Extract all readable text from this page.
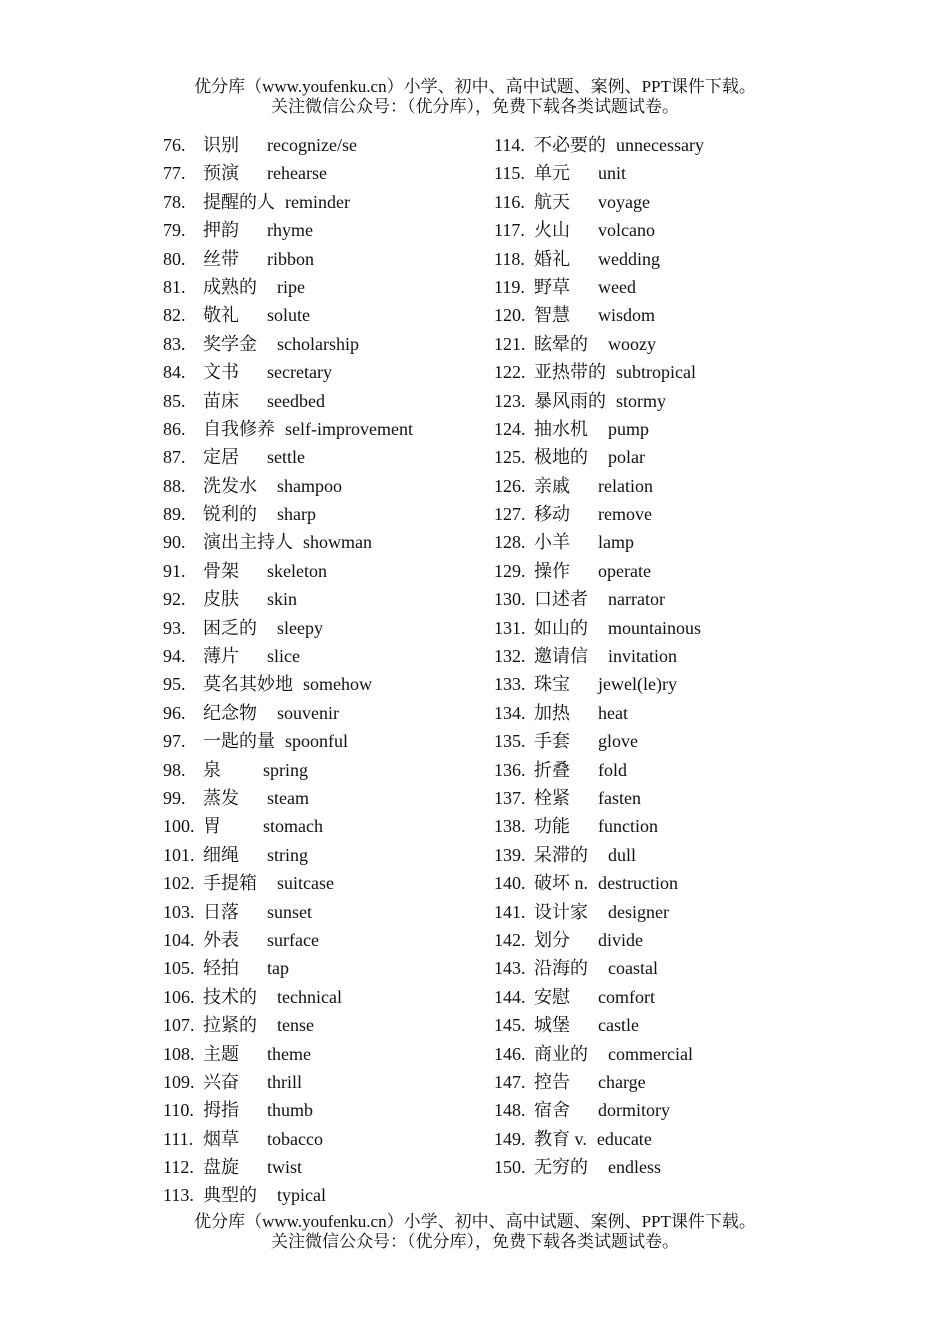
优分库（www.youfenku.cn）小学、初中、高中试题、案例、PPT课件下载。
关注微信公众号：（优分库），免费下载各类试题试卷。
76. 识别 recognize/se
77. 预演 rehearse
78. 提醒的人 reminder
79. 押韵 rhyme
80. 丝带 ribbon
81. 成熟的 ripe
82. 敬礼 solute
83. 奖学金 scholarship
84. 文书 secretary
85. 苗床 seedbed
86. 自我修养 self-improvement
87. 定居 settle
88. 洗发水 shampoo
89. 锐利的 sharp
90. 演出主持人 showman
91. 骨架 skeleton
92. 皮肤 skin
93. 困乏的 sleepy
94. 薄片 slice
95. 莫名其妙地 somehow
96. 纪念物 souvenir
97. 一匙的量 spoonful
98. 泉 spring
99. 蒸发 steam
100. 胃 stomach
101. 细绳 string
102. 手提箱 suitcase
103. 日落 sunset
104. 外表 surface
105. 轻拍 tap
106. 技术的 technical
107. 拉紧的 tense
108. 主题 theme
109. 兴奋 thrill
110. 拇指 thumb
111. 烟草 tobacco
112. 盘旋 twist
113. 典型的 typical
114. 不必要的 unnecessary
115. 单元 unit
116. 航天 voyage
117. 火山 volcano
118. 婚礼 wedding
119. 野草 weed
120. 智慧 wisdom
121. 眩晕的 woozy
122. 亚热带的 subtropical
123. 暴风雨的 stormy
124. 抽水机 pump
125. 极地的 polar
126. 亲戚 relation
127. 移动 remove
128. 小羊 lamp
129. 操作 operate
130. 口述者 narrator
131. 如山的 mountainous
132. 邀请信 invitation
133. 珠宝 jewel(le)ry
134. 加热 heat
135. 手套 glove
136. 折叠 fold
137. 栓紧 fasten
138. 功能 function
139. 呆滞的 dull
140. 破坏 n. destruction
141. 设计家 designer
142. 划分 divide
143. 沿海的 coastal
144. 安慰 comfort
145. 城堡 castle
146. 商业的 commercial
147. 控告 charge
148. 宿舍 dormitory
149. 教育 v. educate
150. 无穷的 endless
优分库（www.youfenku.cn）小学、初中、高中试题、案例、PPT课件下载。
关注微信公众号：（优分库），免费下载各类试题试卷。
